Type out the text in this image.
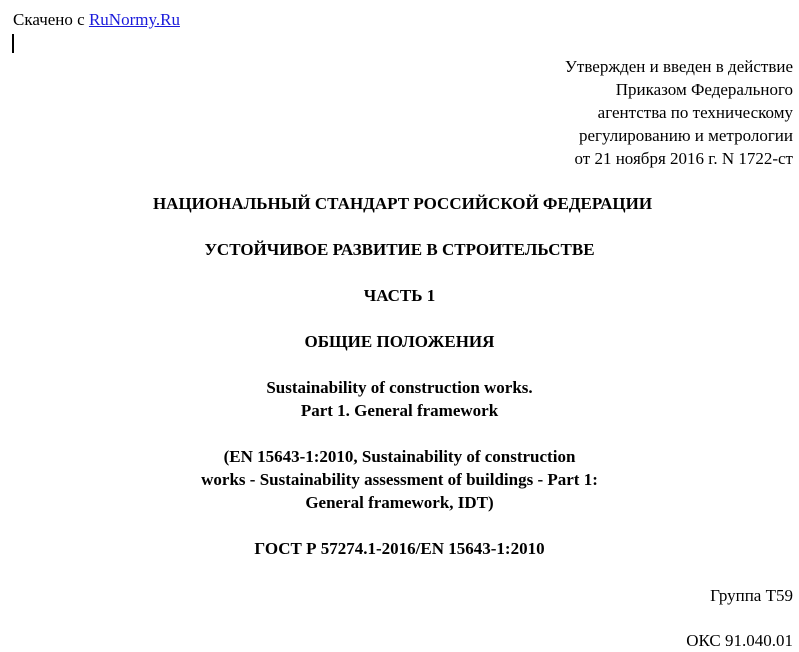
Скачено с RuNormy.Ru
Утвержден и введен в действие
Приказом Федерального
агентства по техническому
регулированию и метрологии
от 21 ноября 2016 г. N 1722-ст
НАЦИОНАЛЬНЫЙ СТАНДАРТ РОССИЙСКОЙ ФЕДЕРАЦИИ
УСТОЙЧИВОЕ РАЗВИТИЕ В СТРОИТЕЛЬСТВЕ
ЧАСТЬ 1
ОБЩИЕ ПОЛОЖЕНИЯ
Sustainability of construction works.
Part 1. General framework
(EN 15643-1:2010, Sustainability of construction
works - Sustainability assessment of buildings - Part 1:
General framework, IDT)
ГОСТ Р 57274.1-2016/EN 15643-1:2010
Группа Т59
ОКС 91.040.01
